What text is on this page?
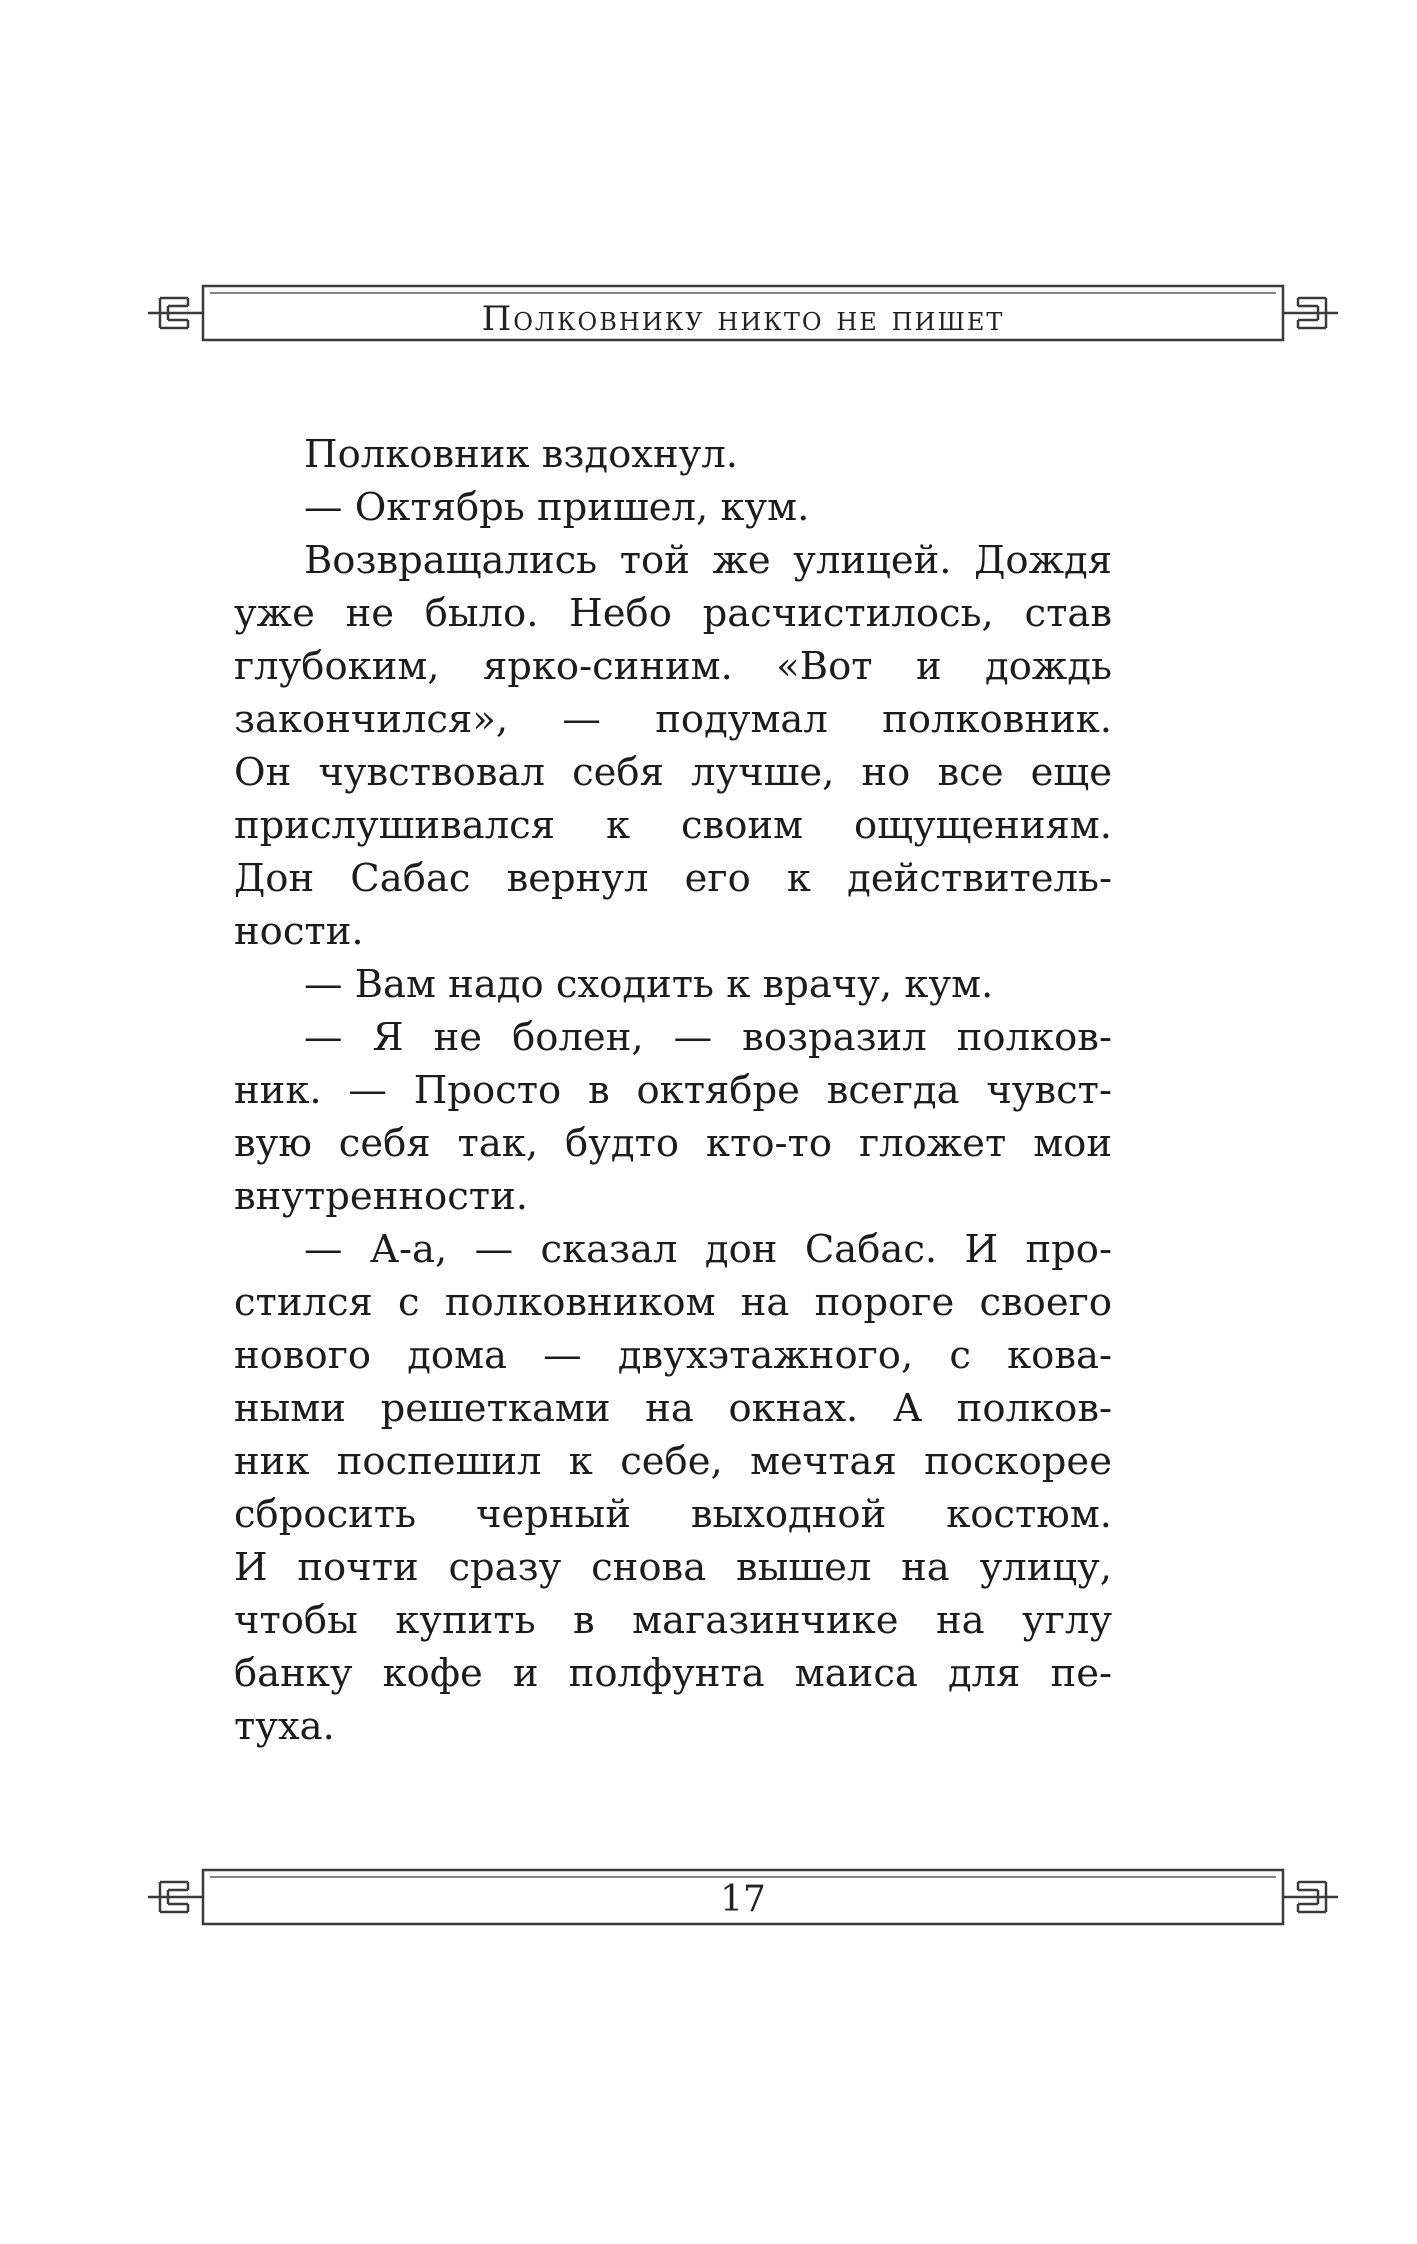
Полковнику никто не пишет
Полковник вздохнул.
— Октябрь пришел, кум.
Возвращались той же улицей. Дождя
уже не было. Небо расчистилось, став
глубоким, ярко-синим. «Вот и дождь
закончился», — подумал полковник.
Он чувствовал себя лучше, но все еще
прислушивался к своим ощущениям.
Дон Сабас вернул его к действитель-
ности.
— Вам надо сходить к врачу, кум.
— Я не болен, — возразил полков-
ник. — Просто в октябре всегда чувст-
вую себя так, будто кто-то гложет мои
внутренности.
— А-а, — сказал дон Сабас. И про-
стился с полковником на пороге своего
нового дома — двухэтажного, с кова-
ными решетками на окнах. А полков-
ник поспешил к себе, мечтая поскорее
сбросить черный выходной костюм.
И почти сразу снова вышел на улицу,
чтобы купить в магазинчике на углу
банку кофе и полфунта маиса для пе-
туха.
17
